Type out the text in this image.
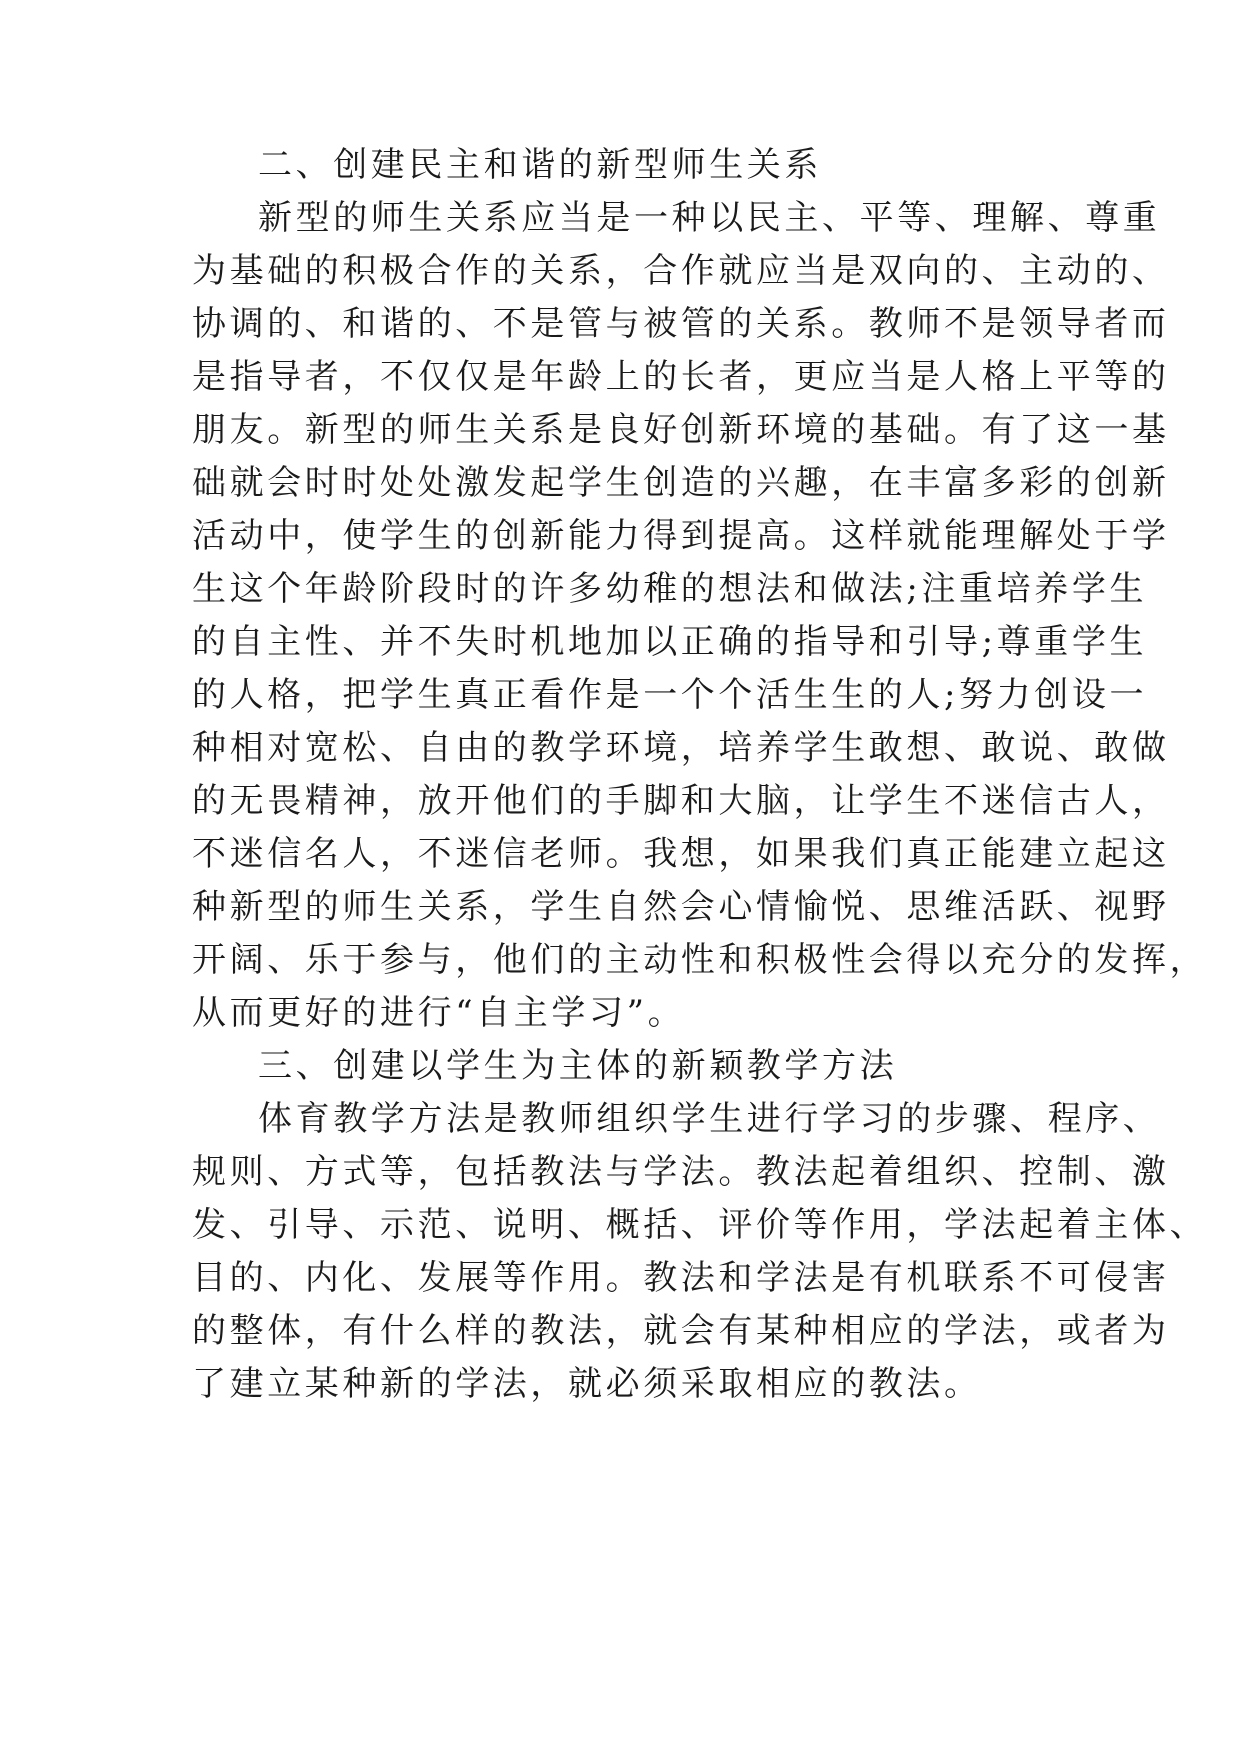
二、创建民主和谐的新型师生关系
新型的师生关系应当是一种以民主、平等、理解、尊重
为基础的积极合作的关系，合作就应当是双向的、主动的、
协调的、和谐的、不是管与被管的关系。教师不是领导者而
是指导者，不仅仅是年龄上的长者，更应当是人格上平等的
朋友。新型的师生关系是良好创新环境的基础。有了这一基
础就会时时处处激发起学生创造的兴趣，在丰富多彩的创新
活动中，使学生的创新能力得到提高。这样就能理解处于学
生这个年龄阶段时的许多幼稚的想法和做法;注重培养学生
的自主性、并不失时机地加以正确的指导和引导;尊重学生
的人格，把学生真正看作是一个个活生生的人;努力创设一
种相对宽松、自由的教学环境，培养学生敢想、敢说、敢做
的无畏精神，放开他们的手脚和大脑，让学生不迷信古人，
不迷信名人，不迷信老师。我想，如果我们真正能建立起这
种新型的师生关系，学生自然会心情愉悦、思维活跃、视野
开阔、乐于参与，他们的主动性和积极性会得以充分的发挥，
从而更好的进行“自主学习”。
三、创建以学生为主体的新颖教学方法
体育教学方法是教师组织学生进行学习的步骤、程序、
规则、方式等，包括教法与学法。教法起着组织、控制、激
发、引导、示范、说明、概括、评价等作用，学法起着主体、
目的、内化、发展等作用。教法和学法是有机联系不可侵害
的整体，有什么样的教法，就会有某种相应的学法，或者为
了建立某种新的学法，就必须采取相应的教法。
